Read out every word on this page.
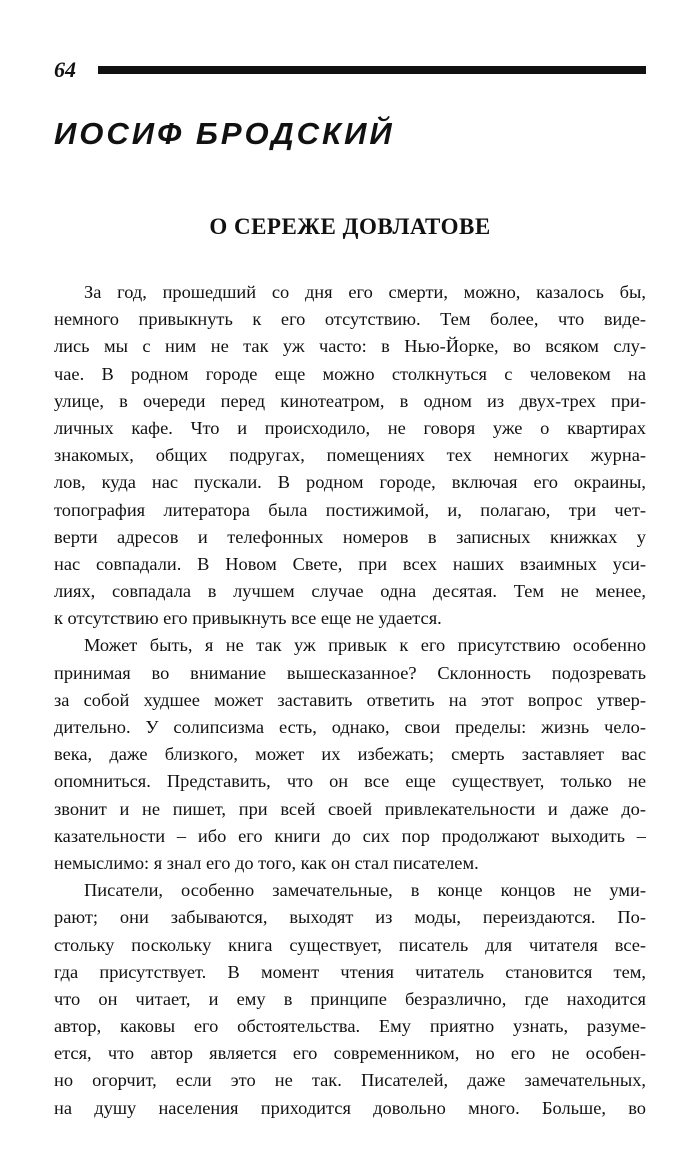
64
ИОСИФ БРОДСКИЙ
О СЕРЕЖЕ ДОВЛАТОВЕ
За год, прошедший со дня его смерти, можно, казалось бы,
немного привыкнуть к его отсутствию. Тем более, что виде-
лись мы с ним не так уж часто: в Нью-Йорке, во всяком слу-
чае. В родном городе еще можно столкнуться с человеком на
улице, в очереди перед кинотеатром, в одном из двух-трех при-
личных кафе. Что и происходило, не говоря уже о квартирах
знакомых, общих подругах, помещениях тех немногих журна-
лов, куда нас пускали. В родном городе, включая его окраины,
топография литератора была постижимой, и, полагаю, три чет-
верти адресов и телефонных номеров в записных книжках у
нас совпадали. В Новом Свете, при всех наших взаимных уси-
лиях, совпадала в лучшем случае одна десятая. Тем не менее,
к отсутствию его привыкнуть все еще не удается.
Может быть, я не так уж привык к его присутствию особенно
принимая во внимание вышесказанное? Склонность подозревать
за собой худшее может заставить ответить на этот вопрос утвер-
дительно. У солипсизма есть, однако, свои пределы: жизнь чело-
века, даже близкого, может их избежать; смерть заставляет вас
опомниться. Представить, что он все еще существует, только не
звонит и не пишет, при всей своей привлекательности и даже до-
казательности – ибо его книги до сих пор продолжают выходить –
немыслимо: я знал его до того, как он стал писателем.
Писатели, особенно замечательные, в конце концов не уми-
рают; они забываются, выходят из моды, переиздаются. По-
стольку поскольку книга существует, писатель для читателя все-
гда присутствует. В момент чтения читатель становится тем,
что он читает, и ему в принципе безразлично, где находится
автор, каковы его обстоятельства. Ему приятно узнать, разуме-
ется, что автор является его современником, но его не особен-
но огорчит, если это не так. Писателей, даже замечательных,
на душу населения приходится довольно много. Больше, во
